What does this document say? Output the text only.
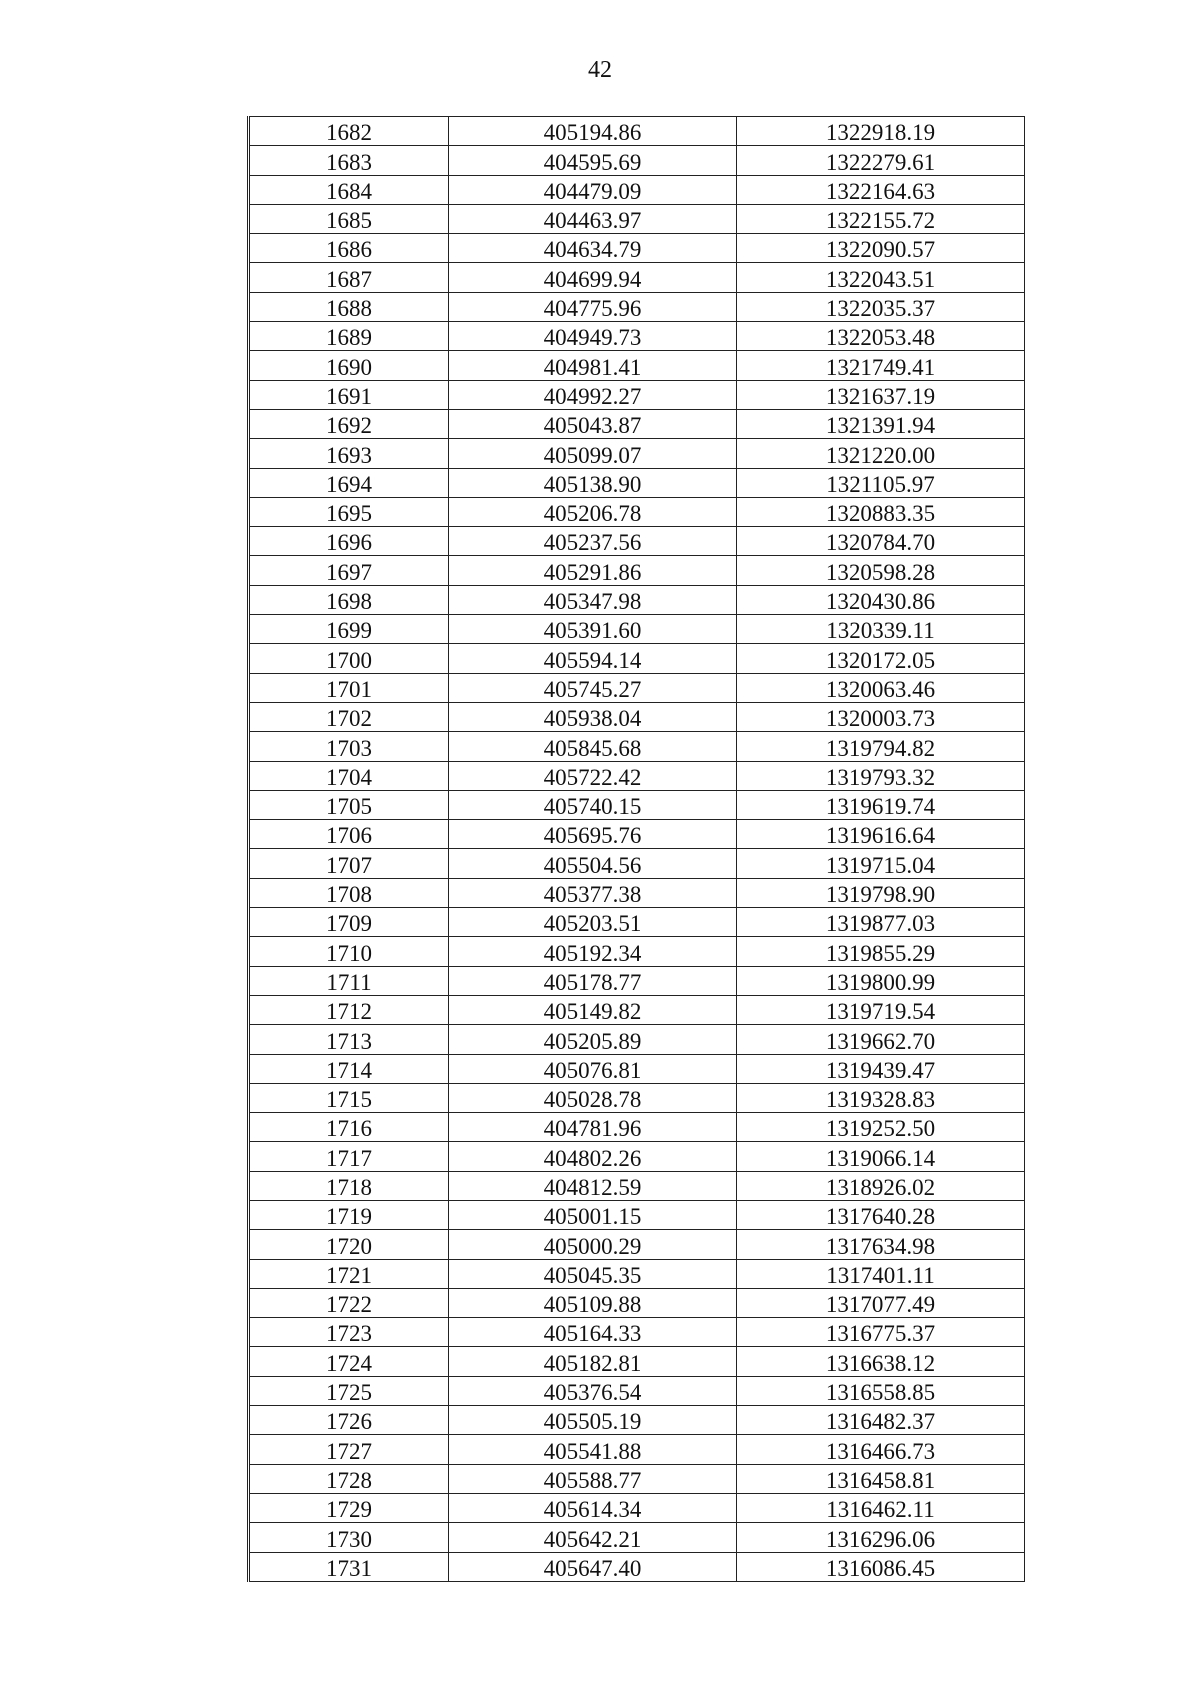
42
1682	405194.86	1322918.19
1683	404595.69	1322279.61
1684	404479.09	1322164.63
1685	404463.97	1322155.72
1686	404634.79	1322090.57
1687	404699.94	1322043.51
1688	404775.96	1322035.37
1689	404949.73	1322053.48
1690	404981.41	1321749.41
1691	404992.27	1321637.19
1692	405043.87	1321391.94
1693	405099.07	1321220.00
1694	405138.90	1321105.97
1695	405206.78	1320883.35
1696	405237.56	1320784.70
1697	405291.86	1320598.28
1698	405347.98	1320430.86
1699	405391.60	1320339.11
1700	405594.14	1320172.05
1701	405745.27	1320063.46
1702	405938.04	1320003.73
1703	405845.68	1319794.82
1704	405722.42	1319793.32
1705	405740.15	1319619.74
1706	405695.76	1319616.64
1707	405504.56	1319715.04
1708	405377.38	1319798.90
1709	405203.51	1319877.03
1710	405192.34	1319855.29
1711	405178.77	1319800.99
1712	405149.82	1319719.54
1713	405205.89	1319662.70
1714	405076.81	1319439.47
1715	405028.78	1319328.83
1716	404781.96	1319252.50
1717	404802.26	1319066.14
1718	404812.59	1318926.02
1719	405001.15	1317640.28
1720	405000.29	1317634.98
1721	405045.35	1317401.11
1722	405109.88	1317077.49
1723	405164.33	1316775.37
1724	405182.81	1316638.12
1725	405376.54	1316558.85
1726	405505.19	1316482.37
1727	405541.88	1316466.73
1728	405588.77	1316458.81
1729	405614.34	1316462.11
1730	405642.21	1316296.06
1731	405647.40	1316086.45
